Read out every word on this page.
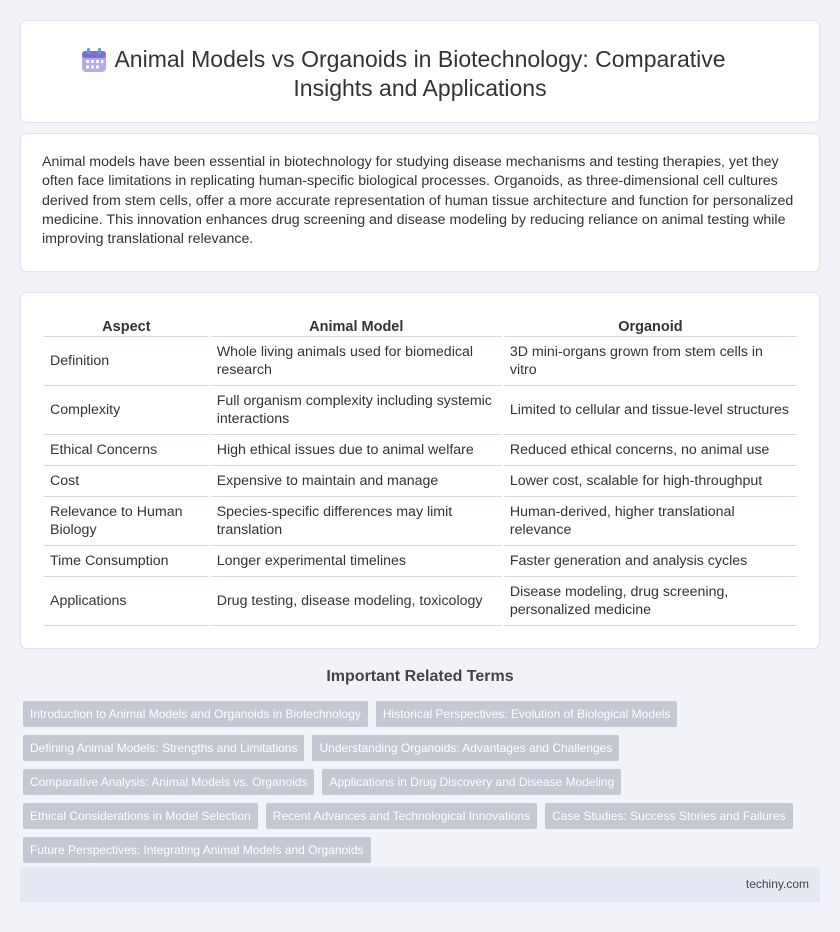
Animal Models vs Organoids in Biotechnology: Comparative
Insights and Applications

Animal models have been essential in biotechnology for studying disease mechanisms and testing therapies, yet they often face limitations in replicating human-specific biological processes. Organoids, as three-dimensional cell cultures derived from stem cells, offer a more accurate representation of human tissue architecture and function for personalized medicine. This innovation enhances drug screening and disease modeling by reducing reliance on animal testing while improving translational relevance.

Aspect	Animal Model	Organoid
Definition	Whole living animals used for biomedical research	3D mini-organs grown from stem cells in vitro
Complexity	Full organism complexity including systemic interactions	Limited to cellular and tissue-level structures
Ethical Concerns	High ethical issues due to animal welfare	Reduced ethical concerns, no animal use
Cost	Expensive to maintain and manage	Lower cost, scalable for high-throughput
Relevance to Human Biology	Species-specific differences may limit translation	Human-derived, higher translational relevance
Time Consumption	Longer experimental timelines	Faster generation and analysis cycles
Applications	Drug testing, disease modeling, toxicology	Disease modeling, drug screening, personalized medicine
Important Related Terms
Introduction to Animal Models and Organoids in Biotechnology	Historical Perspectives: Evolution of Biological Models
Defining Animal Models: Strengths and Limitations	Understanding Organoids: Advantages and Challenges
Comparative Analysis: Animal Models vs. Organoids	Applications in Drug Discovery and Disease Modeling
Ethical Considerations in Model Selection	Recent Advances and Technological Innovations	Case Studies: Success Stories and Failures
Future Perspectives: Integrating Animal Models and Organoids
techiny.com
